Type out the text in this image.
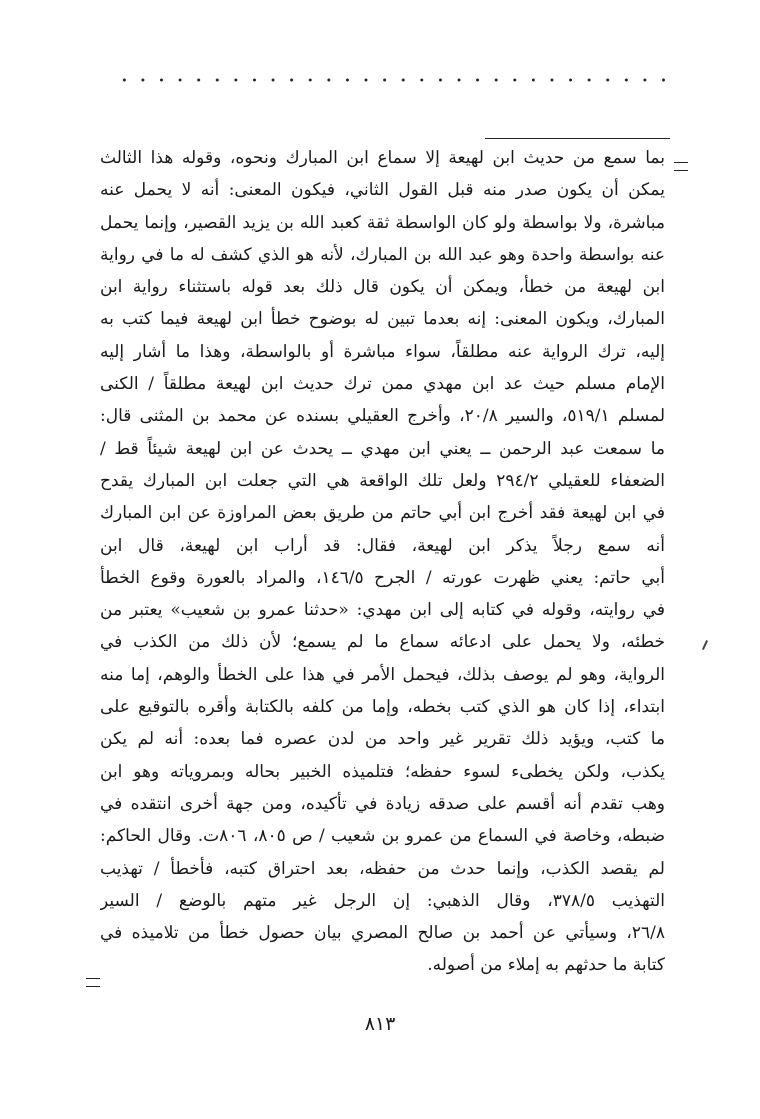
بما سمع من حديث ابن لهيعة إلا سماع ابن المبارك ونحوه، وقوله هذا الثالث
يمكن أن يكون صدر منه قبل القول الثاني، فيكون المعنى: أنه لا يحمل عنه
مباشرة، ولا بواسطة ولو كان الواسطة ثقة كعبد الله بن يزيد القصير، وإنما يحمل
عنه بواسطة واحدة وهو عبد الله بن المبارك، لأنه هو الذي كشف له ما في رواية
ابن لهيعة من خطأ، ويمكن أن يكون قال ذلك بعد قوله باستثناء رواية ابن
المبارك، ويكون المعنى: إنه بعدما تبين له بوضوح خطأ ابن لهيعة فيما كتب به
إليه، ترك الرواية عنه مطلقاً، سواء مباشرة أو بالواسطة، وهذا ما أشار إليه
الإمام مسلم حيث عد ابن مهدي ممن ترك حديث ابن لهيعة مطلقاً / الكنى
لمسلم ٥١٩/١، والسير ٢٠/٨، وأخرج العقيلي بسنده عن محمد بن المثنى قال:
ما سمعت عبد الرحمن ــ يعني ابن مهدي ــ يحدث عن ابن لهيعة شيئاً قط /
الضعفاء للعقيلي ٢٩٤/٢ ولعل تلك الواقعة هي التي جعلت ابن المبارك يقدح
في ابن لهيعة فقد أخرج ابن أبي حاتم من طريق بعض المراوزة عن ابن المبارك
أنه سمع رجلاً يذكر ابن لهيعة، فقال: قد أراب ابن لهيعة، قال ابن
أبي حاتم: يعني ظهرت عورته / الجرح ١٤٦/٥، والمراد بالعورة وقوع الخطأ
في روايته، وقوله في كتابه إلى ابن مهدي: «حدثنا عمرو بن شعيب» يعتبر من
خطئه، ولا يحمل على ادعائه سماع ما لم يسمع؛ لأن ذلك من الكذب في
الرواية، وهو لم يوصف بذلك، فيحمل الأمر في هذا على الخطأ والوهم، إما منه
ابتداء، إذا كان هو الذي كتب بخطه، وإما من كلفه بالكتابة وأقره بالتوقيع على
ما كتب، ويؤيد ذلك تقرير غير واحد من لدن عصره فما بعده: أنه لم يكن
يكذب، ولكن يخطىء لسوء حفظه؛ فتلميذه الخبير بحاله وبمروياته وهو ابن
وهب تقدم أنه أقسم على صدقه زيادة في تأكيده، ومن جهة أخرى انتقده في
ضبطه، وخاصة في السماع من عمرو بن شعيب / ص ٨٠٥، ٨٠٦ت. وقال الحاكم:
لم يقصد الكذب، وإنما حدث من حفظه، بعد احتراق كتبه، فأخطأ / تهذيب
التهذيب ٣٧٨/٥، وقال الذهبي: إن الرجل غير متهم بالوضع / السير
٢٦/٨، وسيأتي عن أحمد بن صالح المصري بيان حصول خطأ من تلاميذه في
كتابة ما حدثهم به إملاء من أصوله.
٨١٣
